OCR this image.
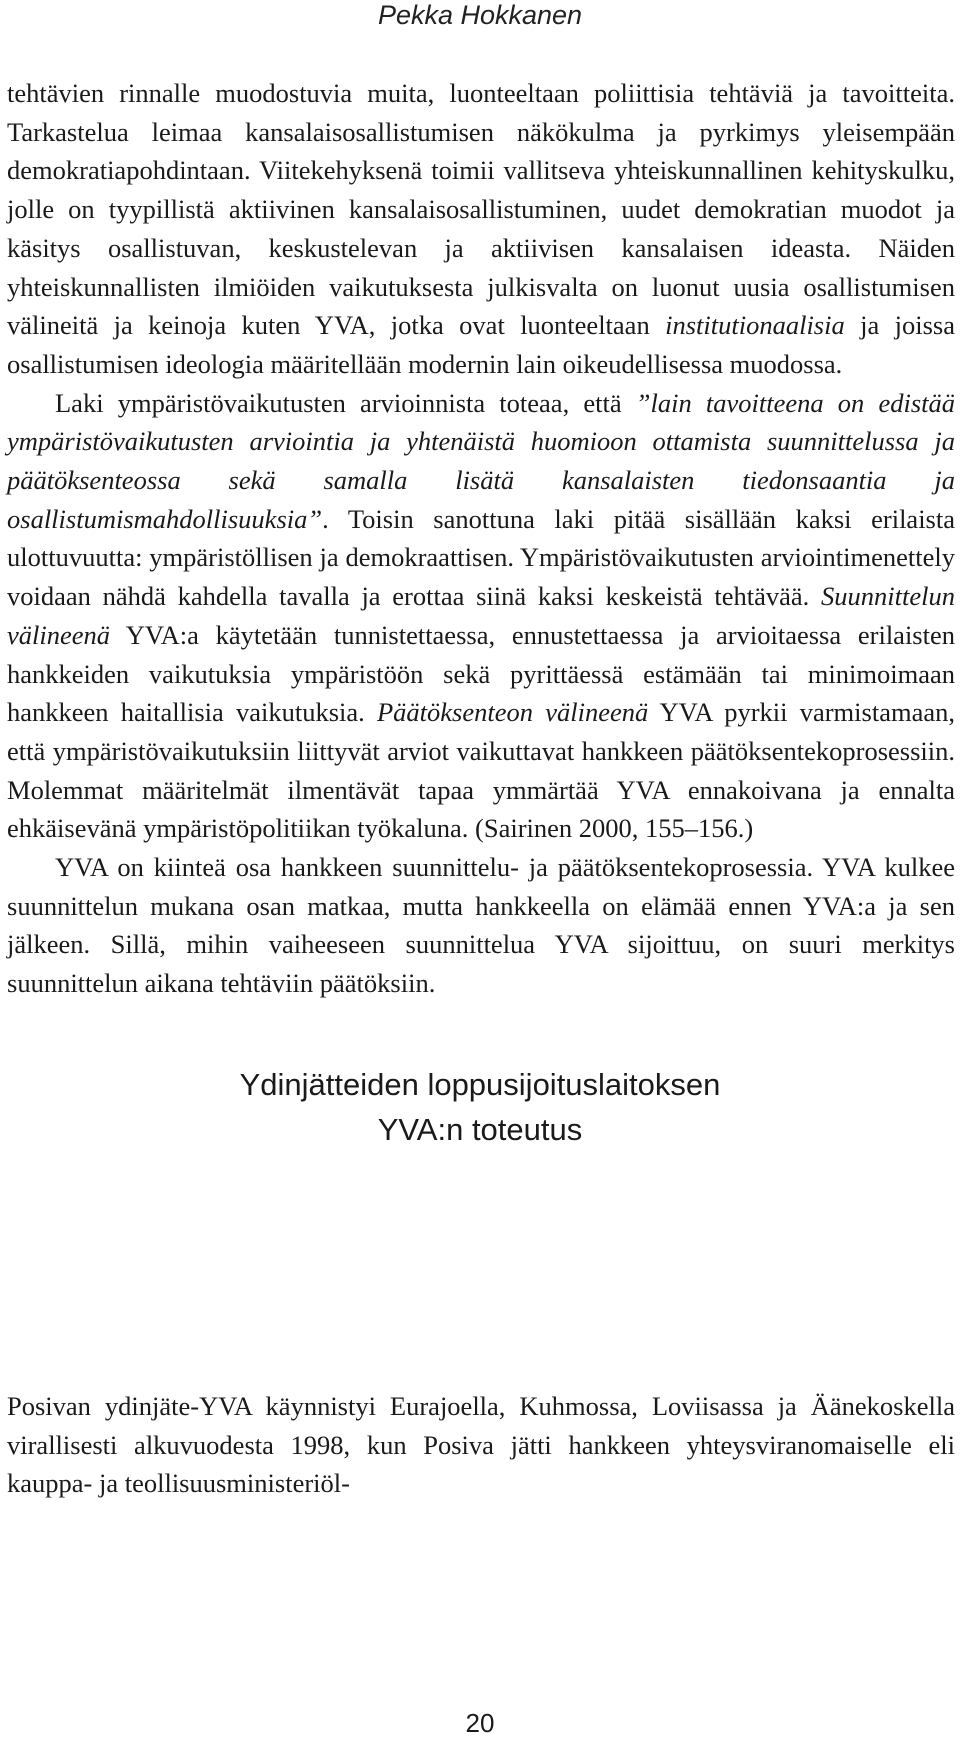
Pekka Hokkanen

tehtävien rinnalle muodostuvia muita, luonteeltaan poliittisia tehtäviä ja tavoitteita. Tarkastelua leimaa kansalaisosallistumisen näkökulma ja pyrkimys yleisempään demokratiapohdintaan. Viitekehyksenä toimii vallitseva yhteiskunnallinen kehityskulku, jolle on tyypillistä aktiivinen kansalaisosallistuminen, uudet demokratian muodot ja käsitys osallistuvan, keskustelevan ja aktiivisen kansalaisen ideasta. Näiden yhteiskunnallisten ilmiöiden vaikutuksesta julkisvalta on luonut uusia osallistumisen välineitä ja keinoja kuten YVA, jotka ovat luonteeltaan institutionaalisia ja joissa osallistumisen ideologia määritellään modernin lain oikeudellisessa muodossa.

Laki ympäristövaikutusten arvioinnista toteaa, että ”lain tavoitteena on edistää ympäristövaikutusten arviointia ja yhtenäistä huomioon ottamista suunnittelussa ja päätöksenteossa sekä samalla lisätä kansalaisten tiedonsaantia ja osallistumismahdollisuuksia”. Toisin sanottuna laki pitää sisällään kaksi erilaista ulottuvuutta: ympäristöllisen ja demokraattisen. Ympäristövaikutusten arviointimenettely voidaan nähdä kahdella tavalla ja erottaa siinä kaksi keskeistä tehtävää. Suunnittelun välineenä YVA:a käytetään tunnistettaessa, ennustettaessa ja arvioitaessa erilaisten hankkeiden vaikutuksia ympäristöön sekä pyrittäessä estämään tai minimoimaan hankkeen haitallisia vaikutuksia. Päätöksenteon välineenä YVA pyrkii varmistamaan, että ympäristövaikutuksiin liittyvät arviot vaikuttavat hankkeen päätöksentekoprosessiin. Molemmat määritelmät ilmentävät tapaa ymmärtää YVA ennakoivana ja ennalta ehkäisevänä ympäristöpolitiikan työkaluna. (Sairinen 2000, 155–156.)

YVA on kiinteä osa hankkeen suunnittelu- ja päätöksentekoprosessia. YVA kulkee suunnittelun mukana osan matkaa, mutta hankkeella on elämää ennen YVA:a ja sen jälkeen. Sillä, mihin vaiheeseen suunnittelua YVA sijoittuu, on suuri merkitys suunnittelun aikana tehtäviin päätöksiin.

Ydinjätteiden loppusijoituslaitoksen
YVA:n toteutus

Posivan ydinjäte-YVA käynnistyi Eurajoella, Kuhmossa, Loviisassa ja Äänekoskella virallisesti alkuvuodesta 1998, kun Posiva jätti hankkeen yhteysviranomaiselle eli kauppa- ja teollisuusministeriöl-

20
